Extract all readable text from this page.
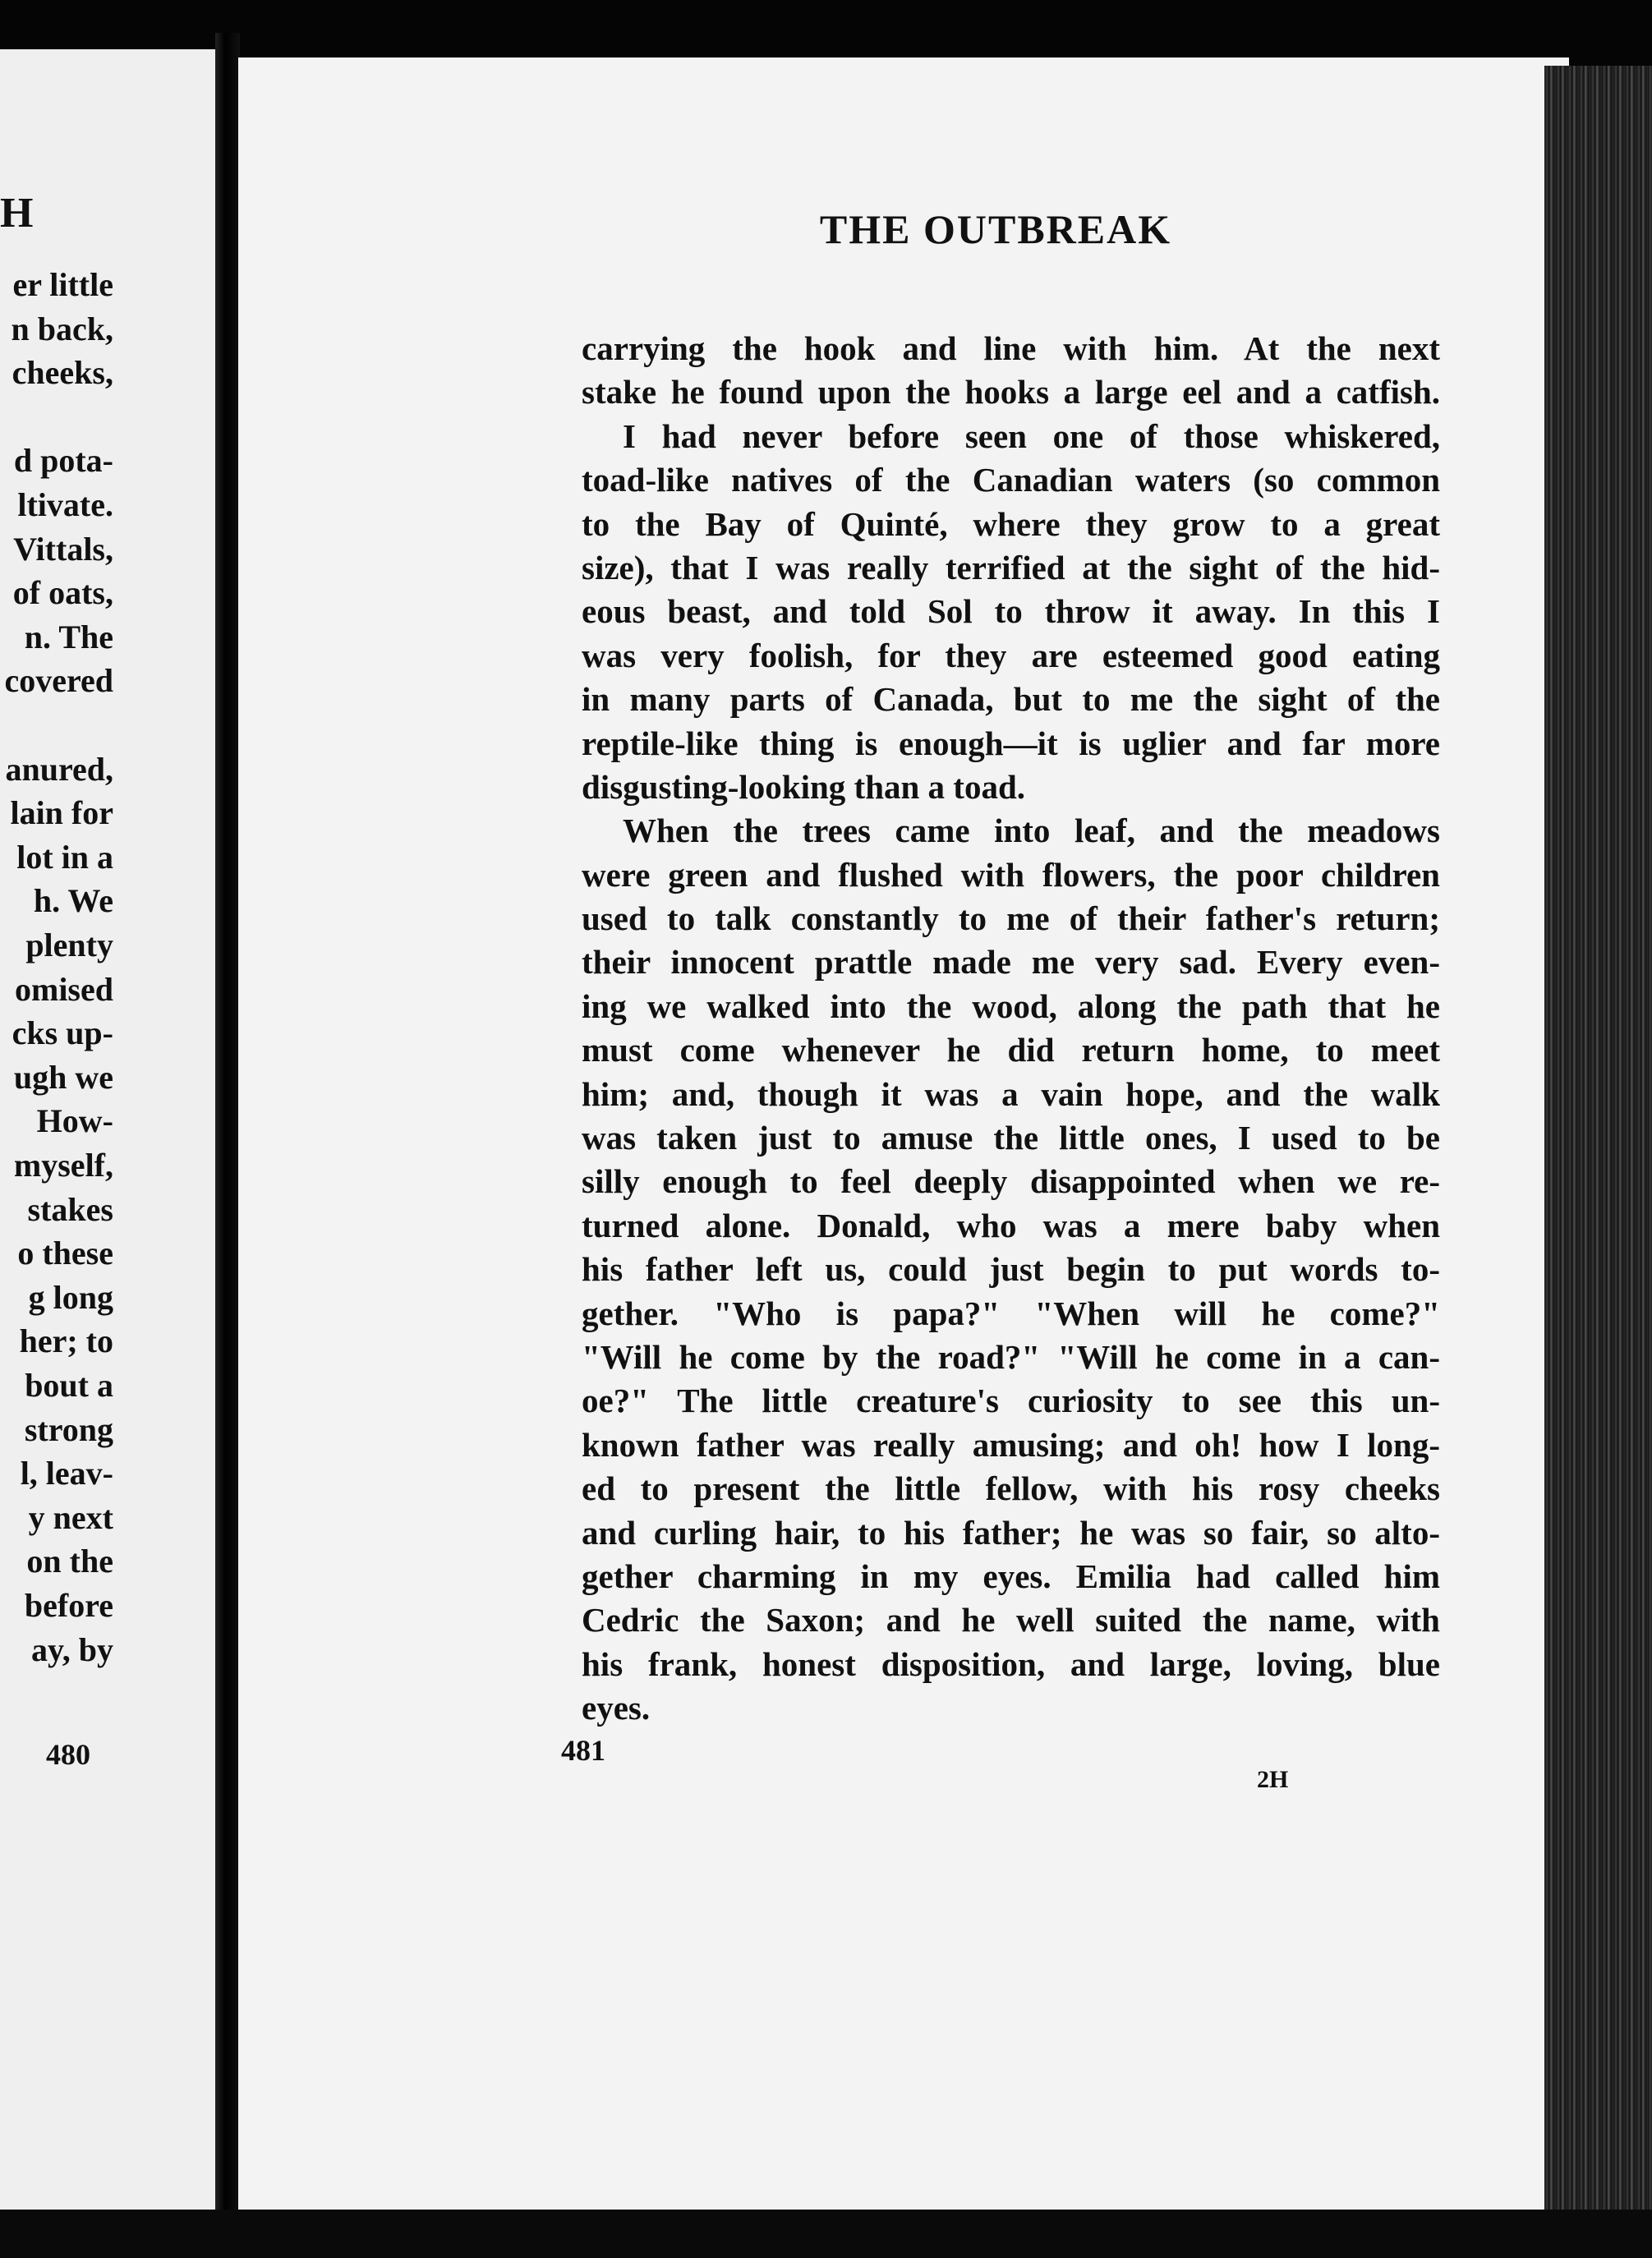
H
er little
n back,
cheeks,
d pota-
ltivate.
Vittals,
of oats,
n. The
covered
anured,
lain for
lot in a
h. We
plenty
omised
cks up-
ugh we
How-
myself,
stakes
o these
g long
her; to
bout a
strong
l, leav-
y next
on the
before
ay, by
480
THE OUTBREAK
carrying the hook and line with him. At the next
stake he found upon the hooks a large eel and a catfish.
I had never before seen one of those whiskered,
toad-like natives of the Canadian waters (so common
to the Bay of Quinté, where they grow to a great
size), that I was really terrified at the sight of the hid-
eous beast, and told Sol to throw it away. In this I
was very foolish, for they are esteemed good eating
in many parts of Canada, but to me the sight of the
reptile-like thing is enough—it is uglier and far more
disgusting-looking than a toad.
When the trees came into leaf, and the meadows
were green and flushed with flowers, the poor children
used to talk constantly to me of their father's return;
their innocent prattle made me very sad. Every even-
ing we walked into the wood, along the path that he
must come whenever he did return home, to meet
him; and, though it was a vain hope, and the walk
was taken just to amuse the little ones, I used to be
silly enough to feel deeply disappointed when we re-
turned alone. Donald, who was a mere baby when
his father left us, could just begin to put words to-
gether. "Who is papa?" "When will he come?"
"Will he come by the road?" "Will he come in a can-
oe?" The little creature's curiosity to see this un-
known father was really amusing; and oh! how I long-
ed to present the little fellow, with his rosy cheeks
and curling hair, to his father; he was so fair, so alto-
gether charming in my eyes. Emilia had called him
Cedric the Saxon; and he well suited the name, with
his frank, honest disposition, and large, loving, blue
eyes.
481
2H
